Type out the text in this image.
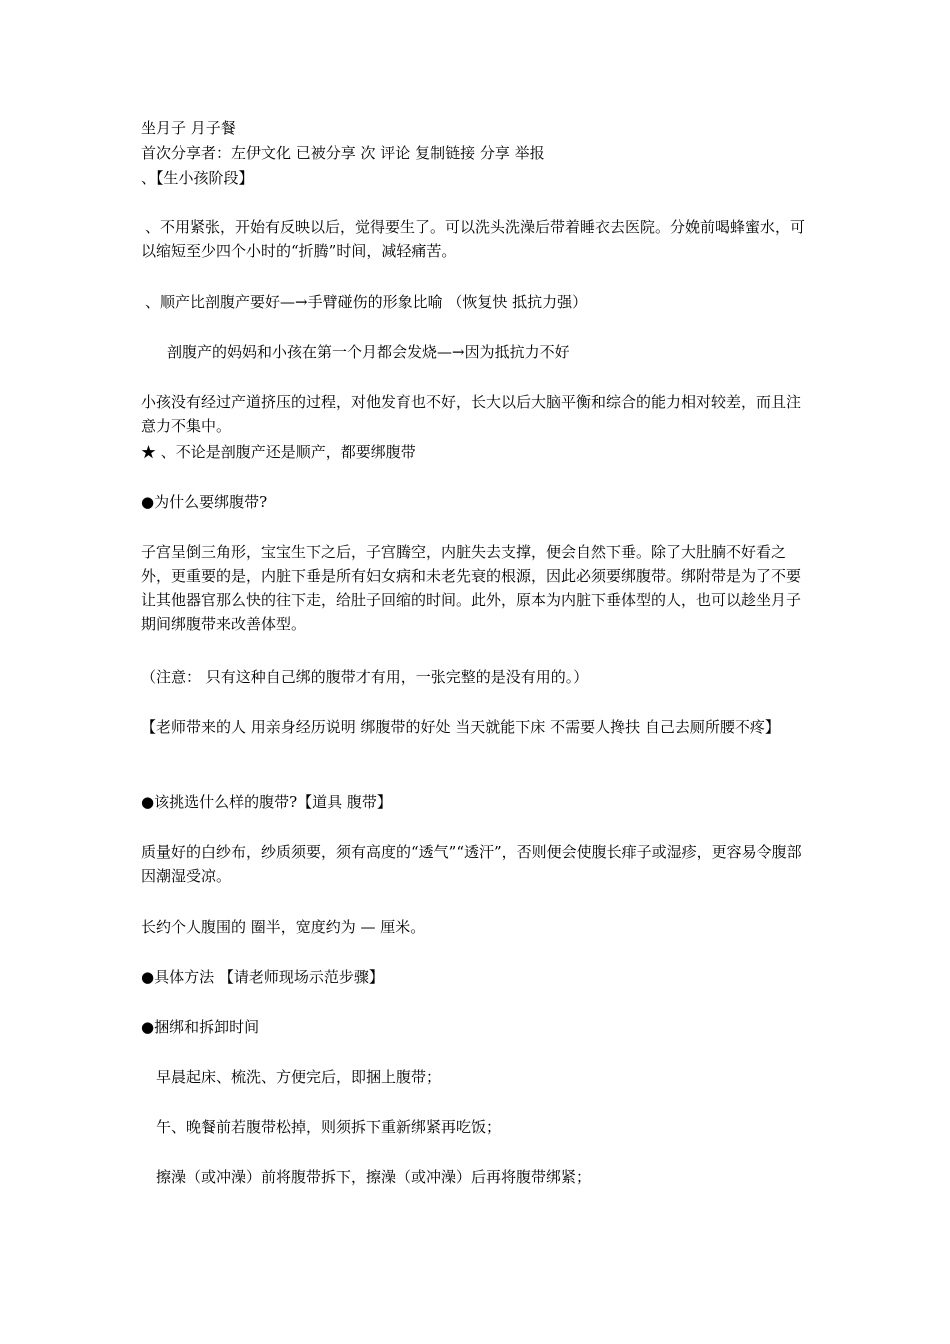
坐月子 月子餐
首次分享者：左伊文化 已被分享 次 评论 复制链接 分享 举报
、【生小孩阶段】
、不用紧张，开始有反映以后，觉得要生了。可以洗头洗澡后带着睡衣去医院。分娩前喝蜂蜜水，可以缩短至少四个小时的“折腾”时间，减轻痛苦。
、顺产比剖腹产要好—→手臂碰伤的形象比喻 （恢复快 抵抗力强）
剖腹产的妈妈和小孩在第一个月都会发烧—→因为抵抗力不好
小孩没有经过产道挤压的过程，对他发育也不好，长大以后大脑平衡和综合的能力相对较差，而且注意力不集中。
★ 、不论是剖腹产还是顺产，都要绑腹带
●为什么要绑腹带?
子宫呈倒三角形，宝宝生下之后，子宫腾空，内脏失去支撑，便会自然下垂。除了大肚腩不好看之外，更重要的是，内脏下垂是所有妇女病和未老先衰的根源，因此必须要绑腹带。绑附带是为了不要让其他器官那么快的往下走，给肚子回缩的时间。此外，原本为内脏下垂体型的人，也可以趁坐月子期间绑腹带来改善体型。
（注意： 只有这种自己绑的腹带才有用，一张完整的是没有用的。）
【老师带来的人 用亲身经历说明 绑腹带的好处 当天就能下床 不需要人搀扶 自己去厕所腰不疼】
●该挑选什么样的腹带?【道具 腹带】
质量好的白纱布，纱质须要，须有高度的“透气”“透汗”，否则便会使腹长痱子或湿疹，更容易令腹部因潮湿受凉。
长约个人腹围的 圈半，宽度约为 — 厘米。
●具体方法 【请老师现场示范步骤】
●捆绑和拆卸时间
早晨起床、梳洗、方便完后，即捆上腹带；
午、晚餐前若腹带松掉，则须拆下重新绑紧再吃饭；
擦澡（或冲澡）前将腹带拆下，擦澡（或冲澡）后再将腹带绑紧；
